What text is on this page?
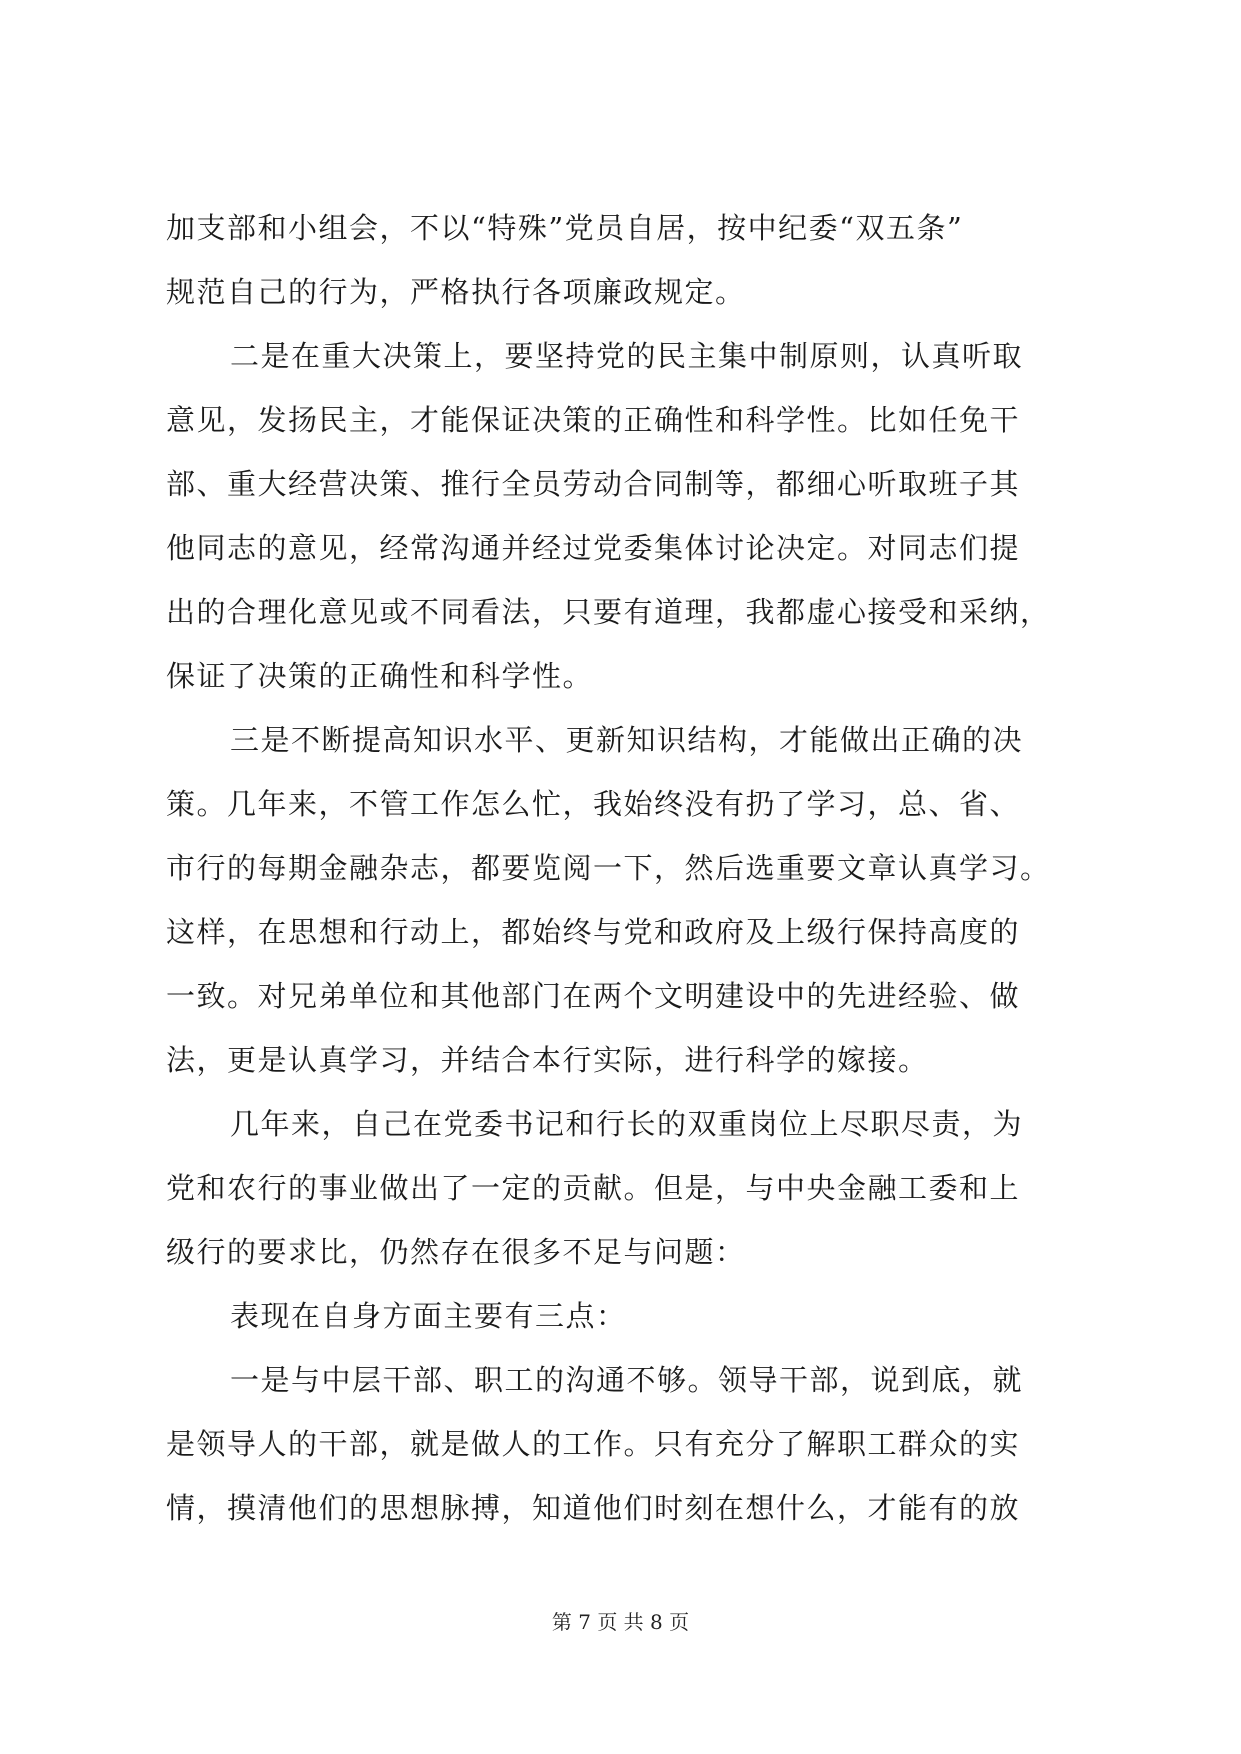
加支部和小组会，不以“特殊”党员自居，按中纪委“双五条”
规范自己的行为，严格执行各项廉政规定。
二是在重大决策上，要坚持党的民主集中制原则，认真听取
意见，发扬民主，才能保证决策的正确性和科学性。比如任免干
部、重大经营决策、推行全员劳动合同制等，都细心听取班子其
他同志的意见，经常沟通并经过党委集体讨论决定。对同志们提
出的合理化意见或不同看法，只要有道理，我都虚心接受和采纳，
保证了决策的正确性和科学性。
三是不断提高知识水平、更新知识结构，才能做出正确的决
策。几年来，不管工作怎么忙，我始终没有扔了学习，总、省、
市行的每期金融杂志，都要览阅一下，然后选重要文章认真学习。
这样，在思想和行动上，都始终与党和政府及上级行保持高度的
一致。对兄弟单位和其他部门在两个文明建设中的先进经验、做
法，更是认真学习，并结合本行实际，进行科学的嫁接。
几年来，自己在党委书记和行长的双重岗位上尽职尽责，为
党和农行的事业做出了一定的贡献。但是，与中央金融工委和上
级行的要求比，仍然存在很多不足与问题：
表现在自身方面主要有三点：
一是与中层干部、职工的沟通不够。领导干部，说到底，就
是领导人的干部，就是做人的工作。只有充分了解职工群众的实
情，摸清他们的思想脉搏，知道他们时刻在想什么，才能有的放
第 7 页 共 8 页
